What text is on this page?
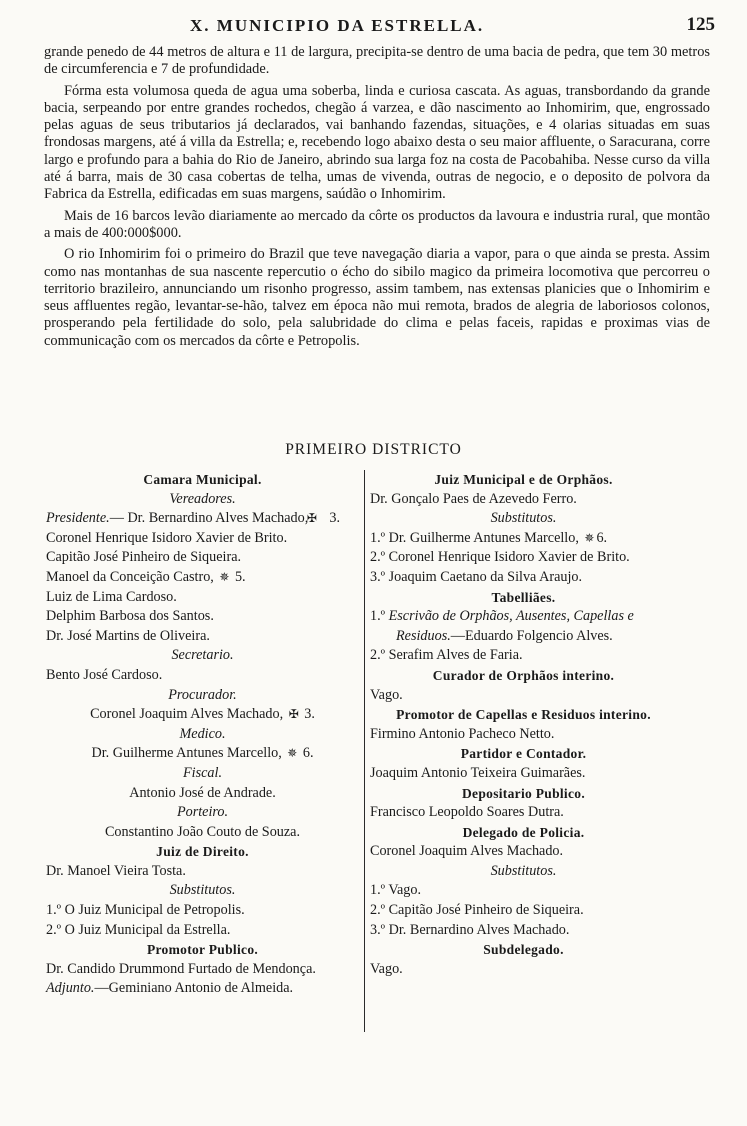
X. MUNICIPIO DA ESTRELLA.	125

grande penedo de 44 metros de altura e 11 de largura, precipita-se dentro de uma bacia de pedra, que tem 30 metros de circumferencia e 7 de profundidade.

Fórma esta volumosa queda de agua uma soberba, linda e curiosa cascata. As aguas, transbordando da grande bacia, serpeando por entre grandes rochedos, chegão á varzea, e dão nascimento ao Inhomirim, que, engrossado pelas aguas de seus tributarios já declarados, vai banhando fazendas, situações, e 4 olarias situadas em suas frondosas margens, até á villa da Estrella; e, recebendo logo abaixo desta o seu maior affluente, o Saracurana, corre largo e profundo para a bahia do Rio de Janeiro, abrindo sua larga foz na costa de Pacobahiba. Nesse curso da villa até á barra, mais de 30 casa cobertas de telha, umas de vivenda, outras de negocio, e o deposito de polvora da Fabrica da Estrella, edificadas em suas margens, saúdão o Inhomirim.

Mais de 16 barcos levão diariamente ao mercado da côrte os productos da lavoura e industria rural, que montão a mais de 400:000$000.

O rio Inhomirim foi o primeiro do Brazil que teve navegação diaria a vapor, para o que ainda se presta. Assim como nas montanhas de sua nascente repercutio o écho do sibilo magico da primeira locomotiva que percorreu o territorio brazileiro, annunciando um risonho progresso, assim tambem, nas extensas planicies que o Inhomirim e seus affluentes regão, levantar-se-hão, talvez em época não mui remota, brados de alegria de laboriosos colonos, prosperando pela fertilidade do solo, pela salubridade do clima e pelas faceis, rapidas e proximas vias de communicação com os mercados da côrte e Petropolis.

PRIMEIRO DISTRICTO
Camara Municipal.
Vereadores.
Presidente.— Dr. Bernardino Alves Machado, ✠ 3.
Coronel Henrique Isidoro Xavier de Brito.
Capitão José Pinheiro de Siqueira.
Manoel da Conceição Castro, ✵ 5.
Luiz de Lima Cardoso.
Delphim Barbosa dos Santos.
Dr. José Martins de Oliveira.
Secretario.
Bento José Cardoso.
Procurador.
Coronel Joaquim Alves Machado, ✠ 3.
Medico.
Dr. Guilherme Antunes Marcello, ✵ 6.
Fiscal.
Antonio José de Andrade.
Porteiro.
Constantino João Couto de Souza.
Juiz de Direito.
Dr. Manoel Vieira Tosta.
Substitutos.
1.º O Juiz Municipal de Petropolis.
2.º O Juiz Municipal da Estrella.
Promotor Publico.
Dr. Candido Drummond Furtado de Mendonça.
Adjunto.—Geminiano Antonio de Almeida.
Juiz Municipal e de Orphãos.
Dr. Gonçalo Paes de Azevedo Ferro.
Substitutos.
1.º Dr. Guilherme Antunes Marcello, ✵ 6.
2.º Coronel Henrique Isidoro Xavier de Brito.
3.º Joaquim Caetano da Silva Araujo.
Tabelliães.
1.º Escrivão de Orphãos, Ausentes, Capellas e Residuos.—Eduardo Folgencio Alves.
2.º Serafim Alves de Faria.
Curador de Orphãos interino.
Vago.
Promotor de Capellas e Residuos interino.
Firmino Antonio Pacheco Netto.
Partidor e Contador.
Joaquim Antonio Teixeira Guimarães.
Depositario Publico.
Francisco Leopoldo Soares Dutra.
Delegado de Policia.
Coronel Joaquim Alves Machado.
Substitutos.
1.º Vago.
2.º Capitão José Pinheiro de Siqueira.
3.º Dr. Bernardino Alves Machado.
Subdelegado.
Vago.
